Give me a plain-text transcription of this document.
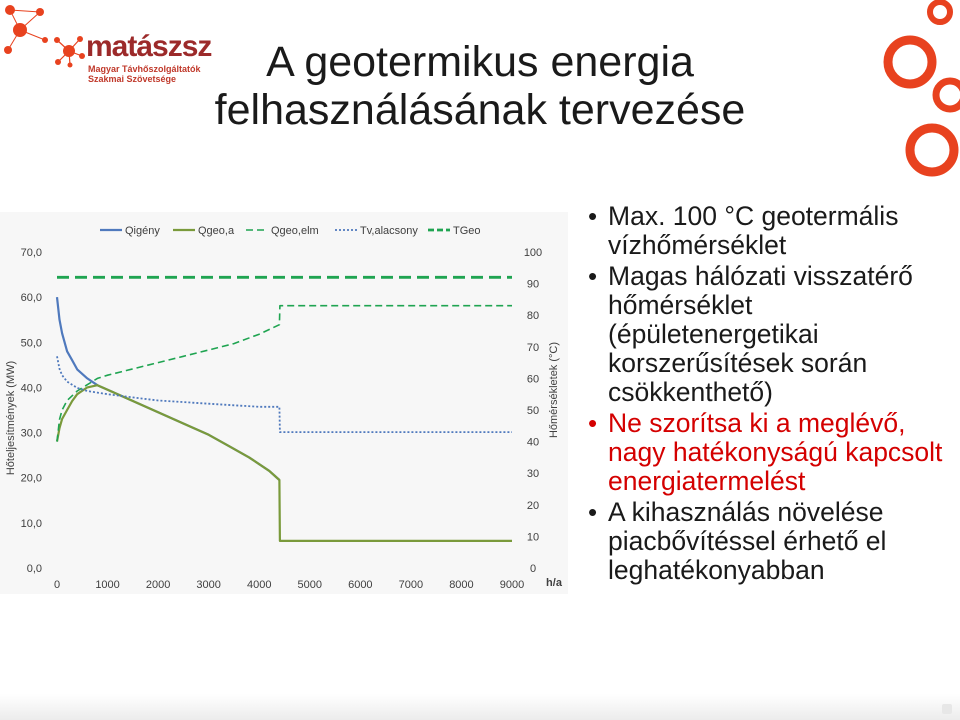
matászsz
Magyar Távhőszolgáltatók
Szakmai Szövetsége	A geotermikus energia felhasználásának tervezése
0,0
10,0
20,0
30,0
40,0
50,0
60,0
70,0
0
10
20
30
40
50
60
70
80
90
100
0	1000 2000 3000 4000 5000 6000 7000 8000 9000 h/a
Hőteljesítmények (MW)	Hőmérsékletek (°C)
Qigény	Qgeo,a	Qgeo,elm	Tv,alacsony	TGeo	• Max. 100 °C geotermális vízhőmérséklet
• Magas hálózati visszatérő hőmérséklet (épületenergetikai korszerűsítések során csökkenthető)
• Ne szorítsa ki a meglévő, nagy hatékonyságú kapcsolt energiatermelést
• A kihasználás növelése piacbővítéssel érhető el leghatékonyabban
